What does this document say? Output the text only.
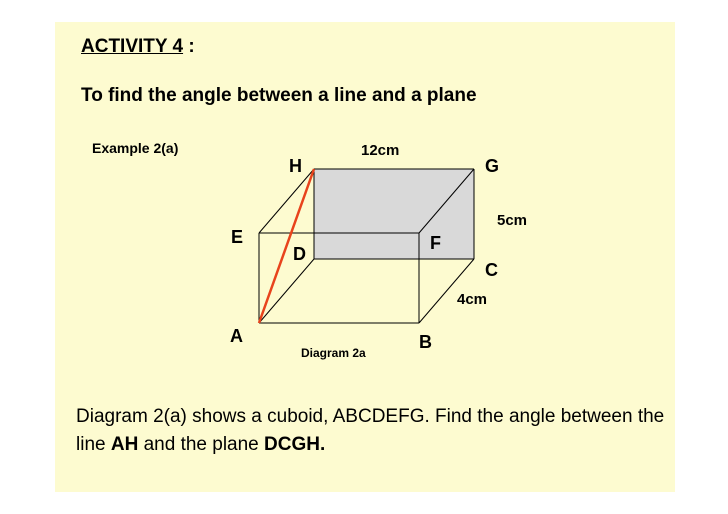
ACTIVITY 4 :
To find the angle between a line and a plane
Example 2(a)	12cm
H	G
5cm
E	F
D
C
4cm
A	B
Diagram 2a
Diagram 2(a) shows a cuboid, ABCDEFG. Find the angle between the line AH and the plane DCGH.
